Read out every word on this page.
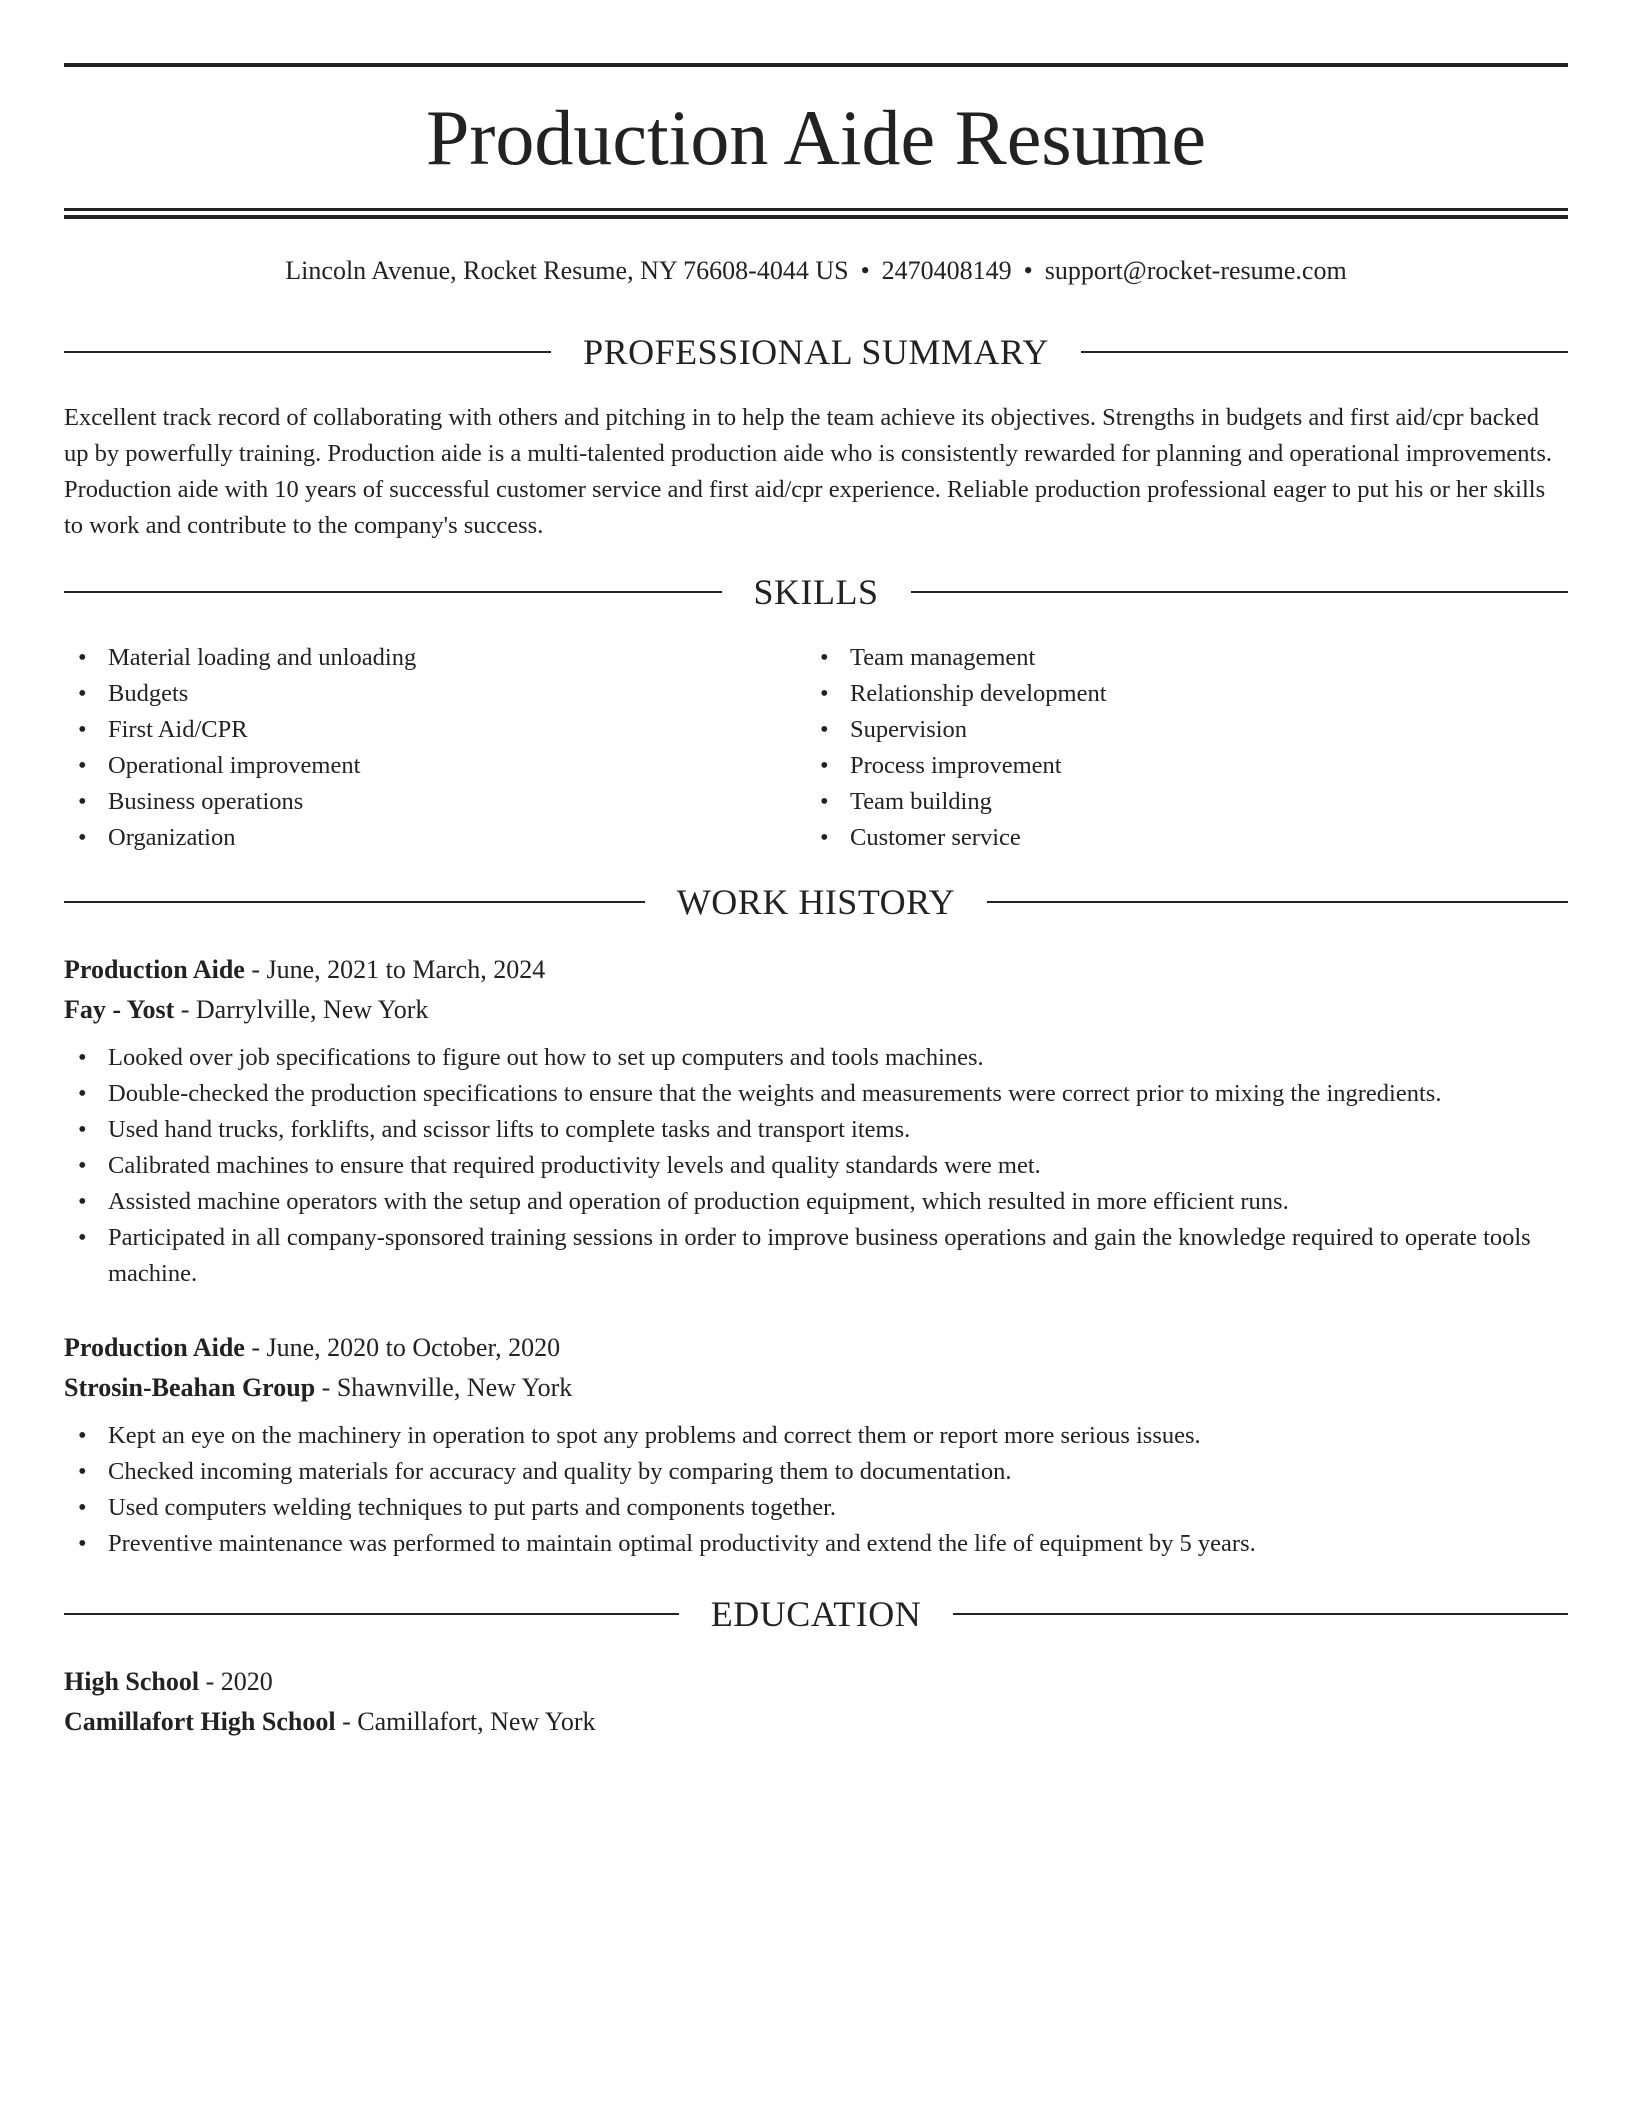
Production Aide Resume
Lincoln Avenue, Rocket Resume, NY 76608-4044 US • 2470408149 • support@rocket-resume.com
PROFESSIONAL SUMMARY

Excellent track record of collaborating with others and pitching in to help the team achieve its objectives. Strengths in budgets and first aid/cpr backed up by powerfully training. Production aide is a multi-talented production aide who is consistently rewarded for planning and operational improvements. Production aide with 10 years of successful customer service and first aid/cpr experience. Reliable production professional eager to put his or her skills to work and contribute to the company's success.

SKILLS
• Material loading and unloading
• Budgets
• First Aid/CPR
• Operational improvement
• Business operations
• Organization
• Team management
• Relationship development
• Supervision
• Process improvement
• Team building
• Customer service
WORK HISTORY
Production Aide - June, 2021 to March, 2024
Fay - Yost - Darrylville, New York
• Looked over job specifications to figure out how to set up computers and tools machines.
• Double-checked the production specifications to ensure that the weights and measurements were correct prior to mixing the ingredients.
• Used hand trucks, forklifts, and scissor lifts to complete tasks and transport items.
• Calibrated machines to ensure that required productivity levels and quality standards were met.
• Assisted machine operators with the setup and operation of production equipment, which resulted in more efficient runs.
• Participated in all company-sponsored training sessions in order to improve business operations and gain the knowledge required to operate tools machine.
Production Aide - June, 2020 to October, 2020
Strosin-Beahan Group - Shawnville, New York
• Kept an eye on the machinery in operation to spot any problems and correct them or report more serious issues.
• Checked incoming materials for accuracy and quality by comparing them to documentation.
• Used computers welding techniques to put parts and components together.
• Preventive maintenance was performed to maintain optimal productivity and extend the life of equipment by 5 years.
EDUCATION
High School - 2020
Camillafort High School - Camillafort, New York
